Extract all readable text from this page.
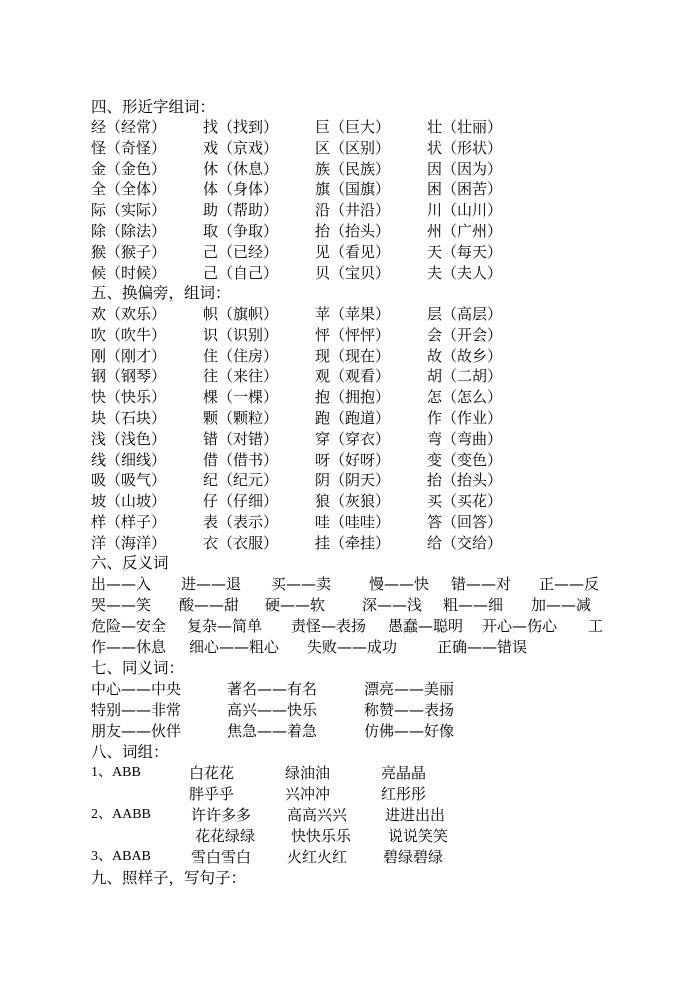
四、形近字组词：
经（经常） 找（找到） 巨（巨大） 壮（壮丽）
怪（奇怪） 戏（京戏） 区（区别） 状（形状）
金（金色） 休（休息） 族（民族） 因（因为）
全（全体） 体（身体） 旗（国旗） 困（困苦）
际（实际） 助（帮助） 沿（井沿） 川（山川）
除（除法） 取（争取） 抬（抬头） 州（广州）
猴（猴子） 己（已经） 见（看见） 天（每天）
候（时候） 己（自己） 贝（宝贝） 夫（夫人）
五、换偏旁，组词：
欢（欢乐） 帜（旗帜） 苹（苹果） 层（高层）
吹（吹牛） 识（识别） 怦（怦怦） 会（开会）
刚（刚才） 住（住房） 现（现在） 故（故乡）
钢（钢琴） 往（来往） 观（观看） 胡（二胡）
快（快乐） 棵（一棵） 抱（拥抱） 怎（怎么）
块（石块） 颗（颗粒） 跑（跑道） 作（作业）
浅（浅色） 错（对错） 穿（穿衣） 弯（弯曲）
线（细线） 借（借书） 呀（好呀） 变（变色）
吸（吸气） 纪（纪元） 阴（阴天） 抬（抬头）
坡（山坡） 仔（仔细） 狼（灰狼） 买（买花）
样（样子） 表（表示） 哇（哇哇） 答（回答）
洋（海洋） 衣（衣服） 挂（牵挂） 给（交给）
六、反义词
出——入 进——退 买——卖	慢——快 错——对 正——反
哭——笑 酸——甜 硬——软 深——浅 粗——细 加——减
危险—安全 复杂—简单 责怪—表扬 愚蠢—聪明 开心—伤心 工
作——休息 细心——粗心 失败——成功	正确——错误
七、同义词：
中心——中央	著名——有名	漂亮——美丽
特别——非常	高兴——快乐	称赞——表扬
朋友——伙伴	焦急——着急	仿佛——好像
八、词组：
1、ABB	白花花	绿油油	亮晶晶
胖乎乎	兴冲冲	红彤彤
2、AABB	许许多多 高高兴兴	进进出出
花花绿绿 快快乐乐 说说笑笑
3、ABAB	雪白雪白 火红火红 碧绿碧绿
九、照样子，写句子：
